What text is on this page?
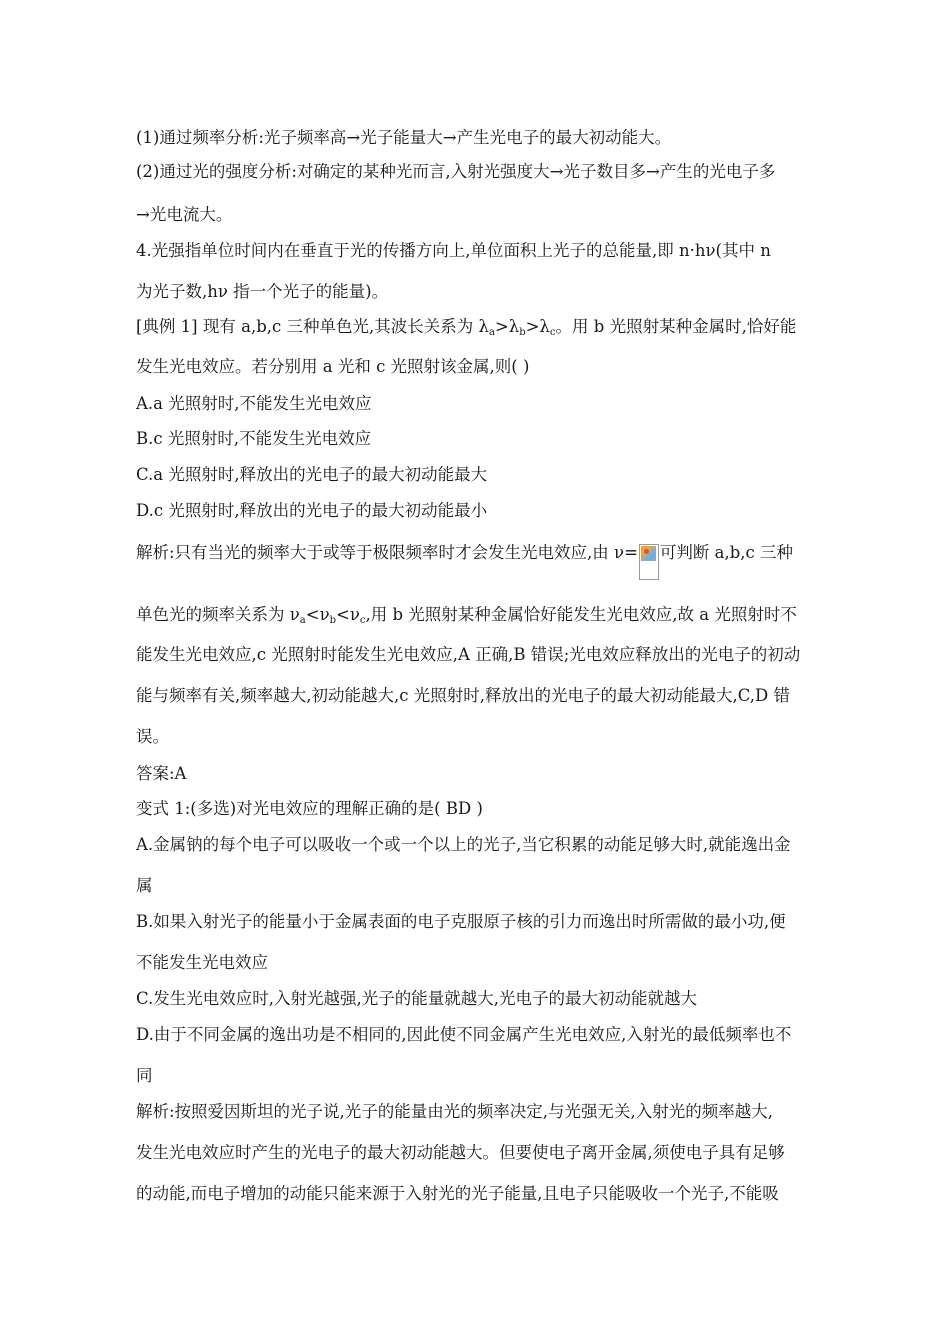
(1)通过频率分析:光子频率高→光子能量大→产生光电子的最大初动能大。
(2)通过光的强度分析:对确定的某种光而言,入射光强度大→光子数目多→产生的光电子多
→光电流大。
4.光强指单位时间内在垂直于光的传播方向上,单位面积上光子的总能量,即 n·hν(其中 n
为光子数,hν 指一个光子的能量)。
[典例 1] 现有 a,b,c 三种单色光,其波长关系为 $\lambda_a>\lambda_b>\lambda_c$。用 b 光照射某种金属时,恰好能
发生光电效应。若分别用 a 光和 c 光照射该金属,则( )
A.a 光照射时,不能发生光电效应
B.c 光照射时,不能发生光电效应
C.a 光照射时,释放出的光电子的最大初动能最大
D.c 光照射时,释放出的光电子的最大初动能最小
解析:只有当光的频率大于或等于极限频率时才会发生光电效应,由 ν= 可判断 a,b,c 三种
单色光的频率关系为 $\nu_a<\nu_b<\nu_c$,用 b 光照射某种金属恰好能发生光电效应,故 a 光照射时不
能发生光电效应,c 光照射时能发生光电效应,A 正确,B 错误;光电效应释放出的光电子的初动
能与频率有关,频率越大,初动能越大,c 光照射时,释放出的光电子的最大初动能最大,C,D 错
误。
答案:A
变式 1:(多选)对光电效应的理解正确的是( BD )
A.金属钠的每个电子可以吸收一个或一个以上的光子,当它积累的动能足够大时,就能逸出金
属
B.如果入射光子的能量小于金属表面的电子克服原子核的引力而逸出时所需做的最小功,便
不能发生光电效应
C.发生光电效应时,入射光越强,光子的能量就越大,光电子的最大初动能就越大
D.由于不同金属的逸出功是不相同的,因此使不同金属产生光电效应,入射光的最低频率也不
同
解析:按照爱因斯坦的光子说,光子的能量由光的频率决定,与光强无关,入射光的频率越大,
发生光电效应时产生的光电子的最大初动能越大。但要使电子离开金属,须使电子具有足够
的动能,而电子增加的动能只能来源于入射光的光子能量,且电子只能吸收一个光子,不能吸
